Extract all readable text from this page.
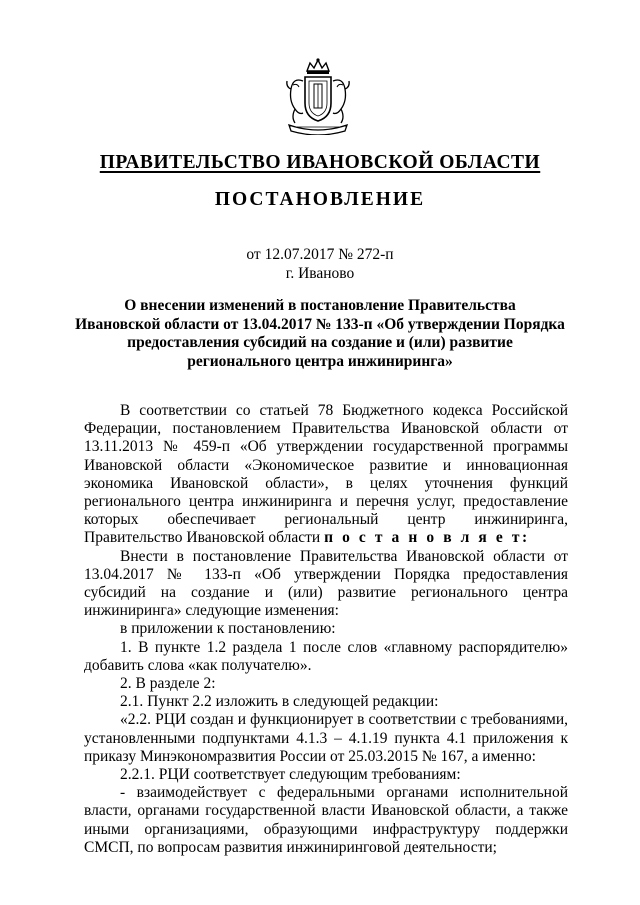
ПРАВИТЕЛЬСТВО ИВАНОВСКОЙ ОБЛАСТИ
ПОСТАНОВЛЕНИЕ
от 12.07.2017 № 272-п
г. Иваново
О внесении изменений в постановление Правительства
Ивановской области от 13.04.2017 № 133-п «Об утверждении Порядка
предоставления субсидий на создание и (или) развитие
регионального центра инжиниринга»

В соответствии со статьей 78 Бюджетного кодекса Российской Федерации, постановлением Правительства Ивановской области от 13.11.2013 № 459-п «Об утверждении государственной программы Ивановской области «Экономическое развитие и инновационная экономика Ивановской области», в целях уточнения функций регионального центра инжиниринга и перечня услуг, предоставление которых обеспечивает региональный центр инжиниринга, Правительство Ивановской области п о с т а н о в л я е т:

Внести в постановление Правительства Ивановской области от 13.04.2017 № 133-п «Об утверждении Порядка предоставления субсидий на создание и (или) развитие регионального центра инжиниринга» следующие изменения:

в приложении к постановлению:

1. В пункте 1.2 раздела 1 после слов «главному распорядителю» добавить слова «как получателю».

2. В разделе 2:

2.1. Пункт 2.2 изложить в следующей редакции:

«2.2. РЦИ создан и функционирует в соответствии с требованиями, установленными подпунктами 4.1.3 – 4.1.19 пункта 4.1 приложения к приказу Минэкономразвития России от 25.03.2015 № 167, а именно:

2.2.1. РЦИ соответствует следующим требованиям:

- взаимодействует с федеральными органами исполнительной власти, органами государственной власти Ивановской области, а также иными организациями, образующими инфраструктуру поддержки СМСП, по вопросам развития инжиниринговой деятельности;
